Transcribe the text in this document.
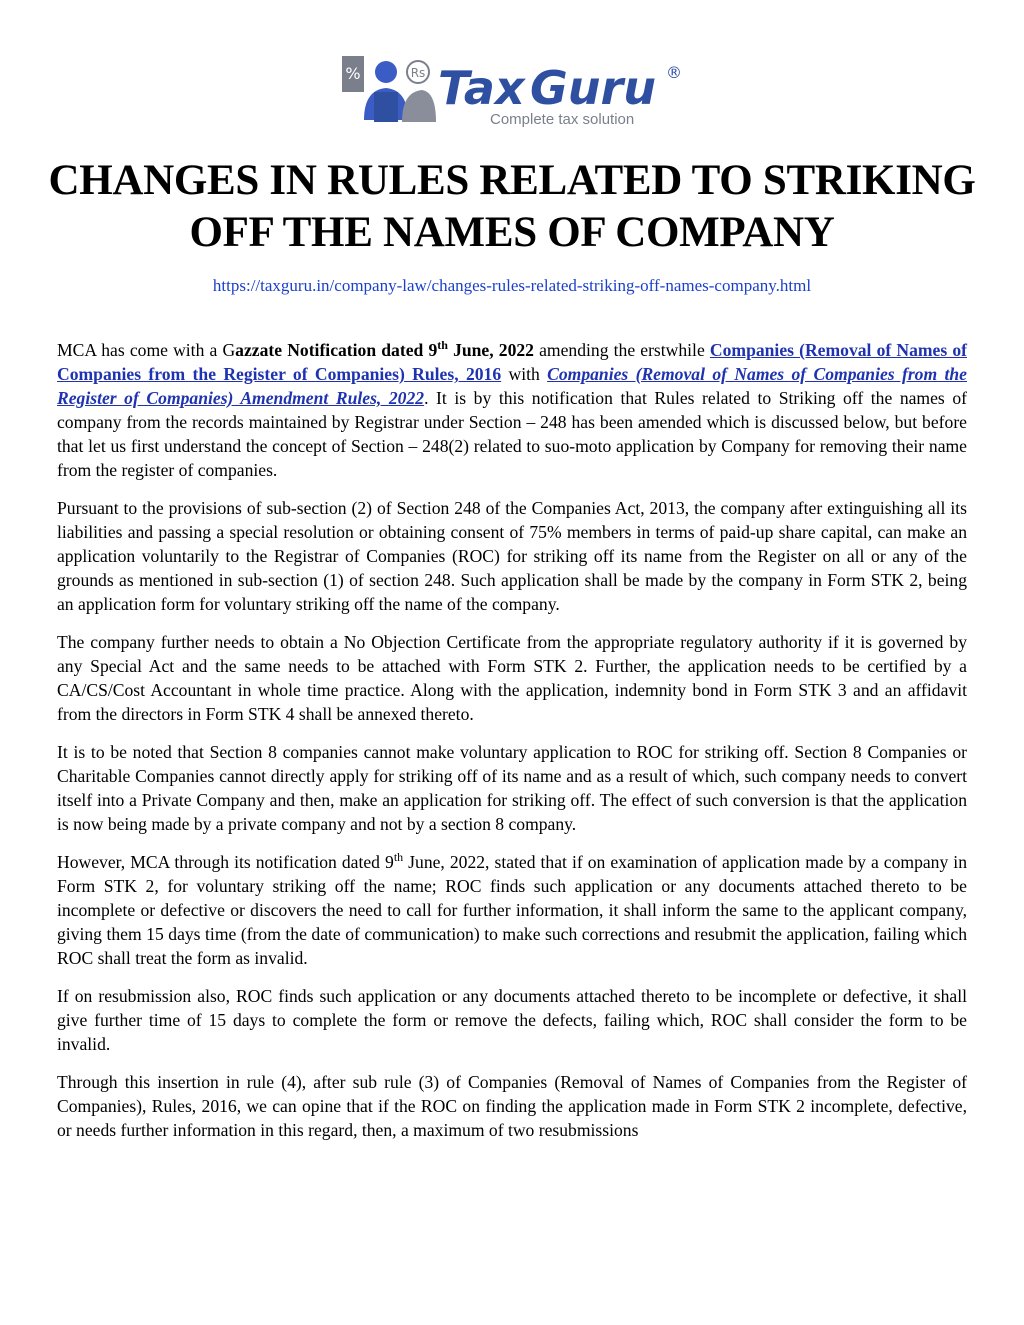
%	Rs Tax Guru ®
Complete tax solution
CHANGES IN RULES RELATED TO STRIKING
OFF THE NAMES OF COMPANY
https://taxguru.in/company-law/changes-rules-related-striking-off-names-company.html

MCA has come with a Gazzate Notification dated 9th June, 2022 amending the erstwhile Companies (Removal of Names of Companies from the Register of Companies) Rules, 2016 with Companies (Removal of Names of Companies from the Register of Companies) Amendment Rules, 2022. It is by this notification that Rules related to Striking off the names of company from the records maintained by Registrar under Section – 248 has been amended which is discussed below, but before that let us first understand the concept of Section – 248(2) related to suo-moto application by Company for removing their name from the register of companies.

Pursuant to the provisions of sub-section (2) of Section 248 of the Companies Act, 2013, the company after extinguishing all its liabilities and passing a special resolution or obtaining consent of 75% members in terms of paid-up share capital, can make an application voluntarily to the Registrar of Companies (ROC) for striking off its name from the Register on all or any of the grounds as mentioned in sub-section (1) of section 248. Such application shall be made by the company in Form STK 2, being an application form for voluntary striking off the name of the company.

The company further needs to obtain a No Objection Certificate from the appropriate regulatory authority if it is governed by any Special Act and the same needs to be attached with Form STK 2. Further, the application needs to be certified by a CA/CS/Cost Accountant in whole time practice. Along with the application, indemnity bond in Form STK 3 and an affidavit from the directors in Form STK 4 shall be annexed thereto.

It is to be noted that Section 8 companies cannot make voluntary application to ROC for striking off. Section 8 Companies or Charitable Companies cannot directly apply for striking off of its name and as a result of which, such company needs to convert itself into a Private Company and then, make an application for striking off. The effect of such conversion is that the application is now being made by a private company and not by a section 8 company.

However, MCA through its notification dated 9th June, 2022, stated that if on examination of application made by a company in Form STK 2, for voluntary striking off the name; ROC finds such application or any documents attached thereto to be incomplete or defective or discovers the need to call for further information, it shall inform the same to the applicant company, giving them 15 days time (from the date of communication) to make such corrections and resubmit the application, failing which ROC shall treat the form as invalid.

If on resubmission also, ROC finds such application or any documents attached thereto to be incomplete or defective, it shall give further time of 15 days to complete the form or remove the defects, failing which, ROC shall consider the form to be invalid.

Through this insertion in rule (4), after sub rule (3) of Companies (Removal of Names of Companies from the Register of Companies), Rules, 2016, we can opine that if the ROC on finding the application made in Form STK 2 incomplete, defective, or needs further information in this regard, then, a maximum of two resubmissions
